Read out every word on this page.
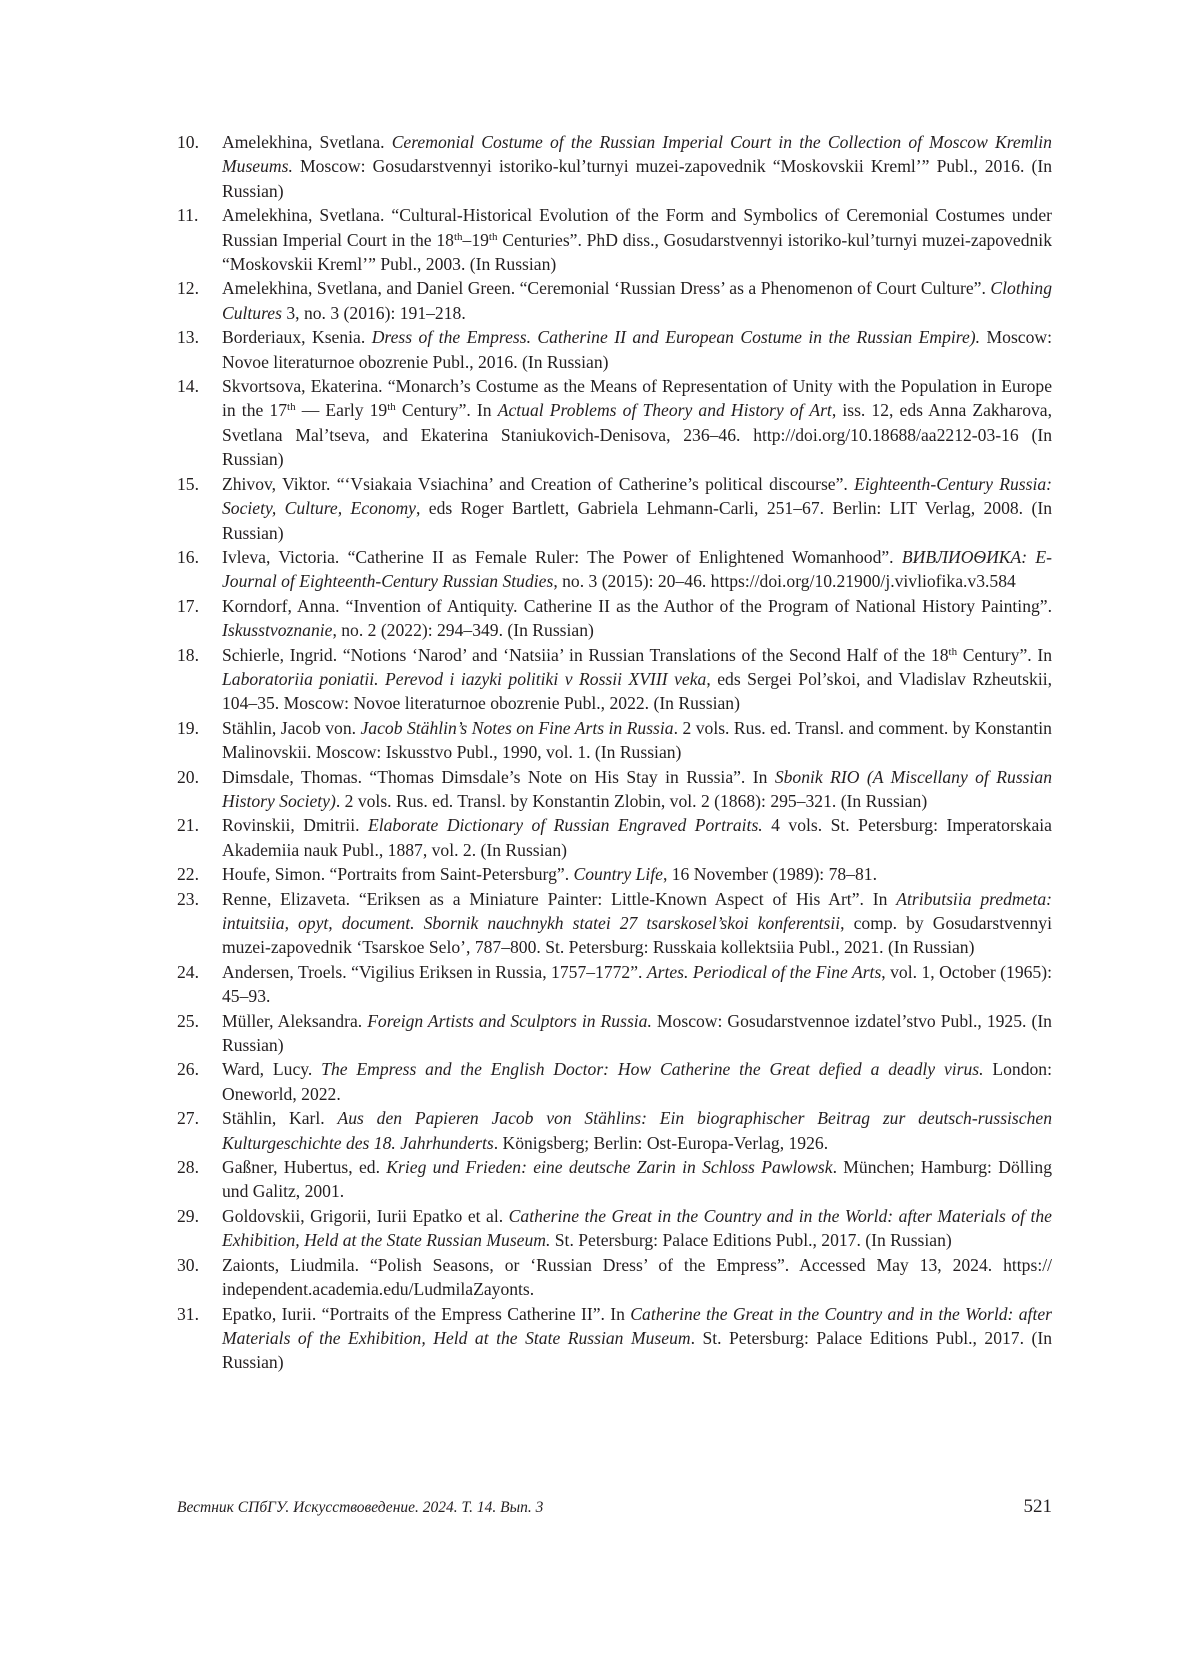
10.	Amelekhina, Svetlana. Ceremonial Costume of the Russian Imperial Court in the Collection of Moscow Kremlin Museums. Moscow: Gosudarstvennyi istoriko-kul’turnyi muzei-zapovednik “Moskovskii Kreml’” Publ., 2016. (In Russian)
11.	Amelekhina, Svetlana. “Cultural-Historical Evolution of the Form and Symbolics of Ceremonial Costumes under Russian Imperial Court in the 18th–19th Centuries”. PhD diss., Gosudarstvennyi istoriko-kul’turnyi muzei-zapovednik “Moskovskii Kreml’” Publ., 2003. (In Russian)
12.	Amelekhina, Svetlana, and Daniel Green. “Ceremonial ‘Russian Dress’ as a Phenomenon of Court Culture”. Clothing Cultures 3, no. 3 (2016): 191–218.
13.	Borderiaux, Ksenia. Dress of the Empress. Catherine II and European Costume in the Russian Empire). Moscow: Novoe literaturnoe obozrenie Publ., 2016. (In Russian)
14.	Skvortsova, Ekaterina. “Monarch’s Costume as the Means of Representation of Unity with the Population in Europe in the 17th — Early 19th Century”. In Actual Problems of Theory and History of Art, iss. 12, eds Anna Zakharova, Svetlana Mal’tseva, and Ekaterina Staniukovich-Denisova, 236–46. http://​doi.org/10.18688/aa2212-03-16 (In Russian)
15.	Zhivov, Viktor. “‘Vsiakaia Vsiachina’ and Creation of Catherine’s political discourse”. Eighteenth-Century Russia: Society, Culture, Economy, eds Roger Bartlett, Gabriela Lehmann-Carli, 251–67. Berlin: LIT Verlag, 2008. (In Russian)
16.	Ivleva, Victoria. “Catherine II as Female Ruler: The Power of Enlightened Womanhood”. ВИВЛИОѲИКА: E-Journal of Eighteenth-Century Russian Studies, no. 3 (2015): 20–46. https://doi.org/10.21900/j.vivliofika.v3.584
17.	Korndorf, Anna. “Invention of Antiquity. Catherine II as the Author of the Program of National History Painting”. Iskusstvoznanie, no. 2 (2022): 294–349. (In Russian)
18.	Schierle, Ingrid. “Notions ‘Narod’ and ‘Natsiia’ in Russian Translations of the Second Half of the 18th Century”. In Laboratoriia poniatii. Perevod i iazyki politiki v Rossii XVIII veka, eds Sergei Pol’skoi, and Vladislav Rzheutskii, 104–35. Moscow: Novoe literaturnoe obozrenie Publ., 2022. (In Russian)
19.	Stählin, Jacob von. Jacob Stählin’s Notes on Fine Arts in Russia. 2 vols. Rus. ed. Transl. and comment. by Konstantin Malinovskii. Moscow: Iskusstvo Publ., 1990, vol. 1. (In Russian)
20.	Dimsdale, Thomas. “Thomas Dimsdale’s Note on His Stay in Russia”. In Sbonik RIO (A Miscellany of Russian History Society). 2 vols. Rus. ed. Transl. by Konstantin Zlobin, vol. 2 (1868): 295–321. (In Russian)
21.	Rovinskii, Dmitrii. Elaborate Dictionary of Russian Engraved Portraits. 4 vols. St. Petersburg: Imperatorskaia Akademiia nauk Publ., 1887, vol. 2. (In Russian)
22.	Houfe, Simon. “Portraits from Saint-Petersburg”. Country Life, 16 November (1989): 78–81.
23.	Renne, Elizaveta. “Eriksen as a Miniature Painter: Little-Known Aspect of His Art”. In Atributsiia predmeta: intuitsiia, opyt, document. Sbornik nauchnykh statei 27 tsarskosel’skoi konferentsii, comp. by Gosudarstvennyi muzei-zapovednik ‘Tsarskoe Selo’, 787–800. St. Petersburg: Russkaia kollektsiia Publ., 2021. (In Russian)
24.	Andersen, Troels. “Vigilius Eriksen in Russia, 1757–1772”. Artes. Periodical of the Fine Arts, vol. 1, October (1965): 45–93.
25.	Müller, Aleksandra. Foreign Artists and Sculptors in Russia. Moscow: Gosudarstvennoe izdatel’stvo Publ., 1925. (In Russian)
26.	Ward, Lucy. The Empress and the English Doctor: How Catherine the Great defied a deadly virus. London: Oneworld, 2022.
27.	Stählin, Karl. Aus den Papieren Jacob von Stählins: Ein biographischer Beitrag zur deutsch-russischen Kulturgeschichte des 18. Jahrhunderts. Königsberg; Berlin: Ost-Europa-Verlag, 1926.
28.	Gaßner, Hubertus, ed. Krieg und Frieden: eine deutsche Zarin in Schloss Pawlowsk. München; Hamburg: Dölling und Galitz, 2001.
29.	Goldovskii, Grigorii, Iurii Epatko et al. Catherine the Great in the Country and in the World: after Materials of the Exhibition, Held at the State Russian Museum. St. Petersburg: Palace Editions Publ., 2017. (In Russian)
30.	Zaionts, Liudmila. “Polish Seasons, or ‘Russian Dress’ of the Empress”. Accessed May 13, 2024. https://​independent.academia.edu/LudmilaZayonts.
31.	Epatko, Iurii. “Portraits of the Empress Catherine II”. In Catherine the Great in the Country and in the World: after Materials of the Exhibition, Held at the State Russian Museum. St. Petersburg: Palace Editions Publ., 2017. (In Russian)
Вестник СПбГУ. Искусствоведение. 2024. Т. 14. Вып. 3	521
